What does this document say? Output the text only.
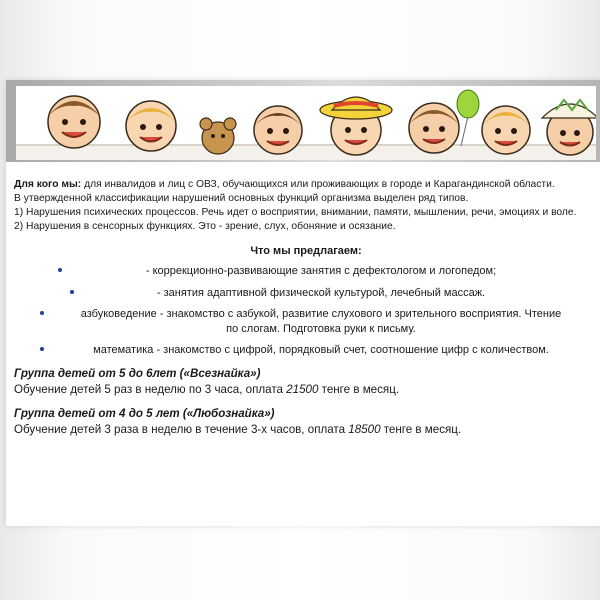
Для кого мы: для инвалидов и лиц с ОВЗ, обучающихся или проживающих в городе и Карагандинской области.

В утвержденной классификации нарушений основных функций организма выделен ряд типов.

1) Нарушения психических процессов. Речь идет о восприятии, внимании, памяти, мышлении, речи, эмоциях и воле.

2) Нарушения в сенсорных функциях. Это - зрение, слух, обоняние и осязание.

Что мы предлагаем:
- коррекционно-развивающие занятия с дефектологом и логопедом;
- занятия адаптивной физической культурой, лечебный массаж.
азбуковедение - знакомство с азбукой, развитие слухового и зрительного восприятия. Чтение по слогам. Подготовка руки к письму.
математика - знакомство с цифрой, порядковый счет, соотношение цифр с количеством.
Группа детей от 5 до 6лет («Всезнайка»)
Обучение детей 5 раз в неделю по 3 часа, оплата 21500 тенге в месяц.
Группа детей от 4 до 5 лет («Любознайка»)
Обучение детей 3 раза в неделю в течение 3-х часов, оплата 18500 тенге в месяц.
